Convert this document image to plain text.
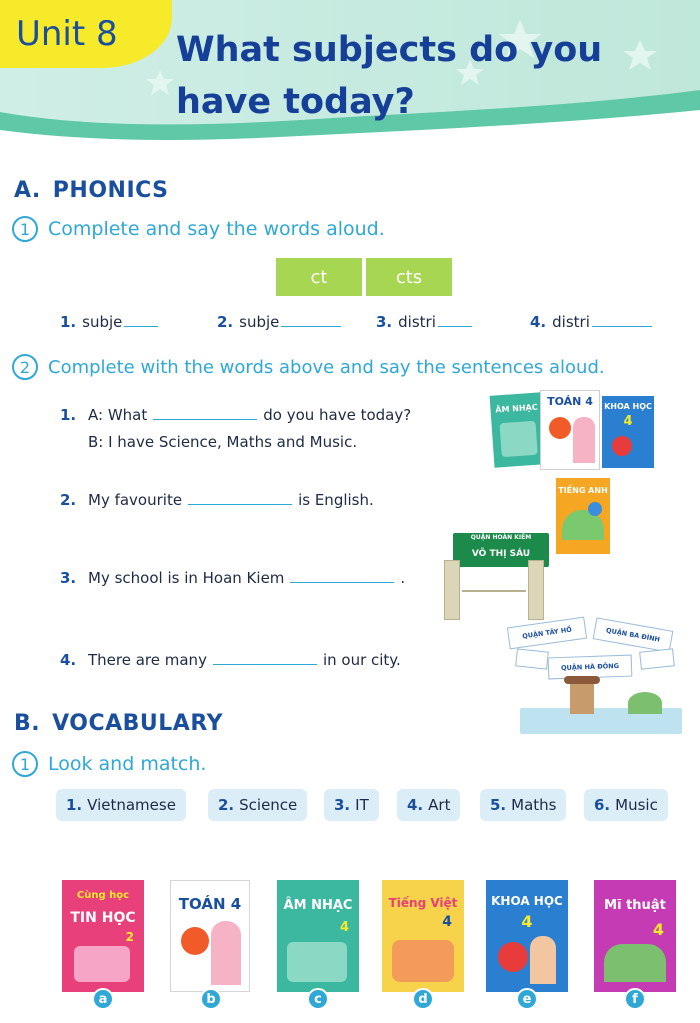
Unit 8 What subjects do you have today?
A. PHONICS
1 Complete and say the words aloud.
ct	cts
1. subje	2. subje	3. distri	4. distri
2 Complete with the words above and say the sentences aloud.
1. A: What	do you have today?
B: I have Science, Maths and Music.
2. My favourite	is English.
3. My school is in Hoan Kiem	.
4. There are many	in our city.
ÂM NHẠC
TOÁN 4	KHOA HỌC
4
TIẾNG ANH
QUẬN HOÀN KIẾM
VÕ THỊ SÁU
QUẬN TÂY HỒ	QUẬN BA ĐÌNH
QUẬN HÀ ĐÔNG
B. VOCABULARY
1 Look and match.
1. Vietnamese	2. Science 3. IT	4. Art	5. Maths	6. Music
Cùng học
TIN HỌC
2
a
TOÁN 4
b
ÂM NHẠC
4
c
Tiếng Việt
4
d
KHOA HỌC
4
e
Mĩ thuật
4
f
